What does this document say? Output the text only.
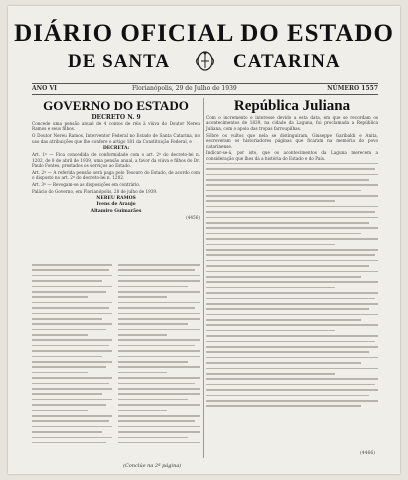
DIÁRIO OFICIAL DO ESTADO
DE SANTA	CATARINA
ANO VI	Florianópolis, 29 de Julho de 1939	NÚMERO 1557
GOVERNO DO ESTADO
DECRETO N. 9

Concede uma pensão anual de 4 contos de réis à viúva do Doutor Nereu Ramos e seus filhos.

O Doutor Nereu Ramos, Interventor Federal no Estado de Santa Catarina, no uso das atribuições que lhe confere o artigo 181 da Constituição Federal, e

DECRETA:

Art. 1º — Fica concedida de conformidade com o art. 2º do decreto-lei n. 1202, de 8 de abril de 1939, uma pensão anual, a favor da viúva e filhos do Dr. Paulo Fontes, prestados os serviços ao Estado.

Art. 2º — A referida pensão será paga pelo Tesouro do Estado, de acordo com o disposto no art. 2º do decreto-lei n. 1202.

Art. 3º — Revogam-se as disposições em contrário.

Palácio do Governo, em Florianópolis, 28 de julho de 1939.

NEREU RAMOS
Ivens de Araujo
Altamiro Guimarães
(4456)
República Juliana

Com o incremento e interesse devido a esta data, em que se recordam os acontecimentos de 1839, na cidade da Laguna, foi proclamada a República Juliana, com o apoio das tropas farroupilhas.

Sôbre os vultos que nela se distinguiram, Giuseppe Garibaldi e Anita, escreveram os historiadores páginas que ficaram na memória do povo catarinense.

Indicar-se-á, por isto, que os acontecimentos da Laguna merecem a consideração que lhes dá a história do Estado e do País.

(4466)
(Conclúe na 2ª página)
